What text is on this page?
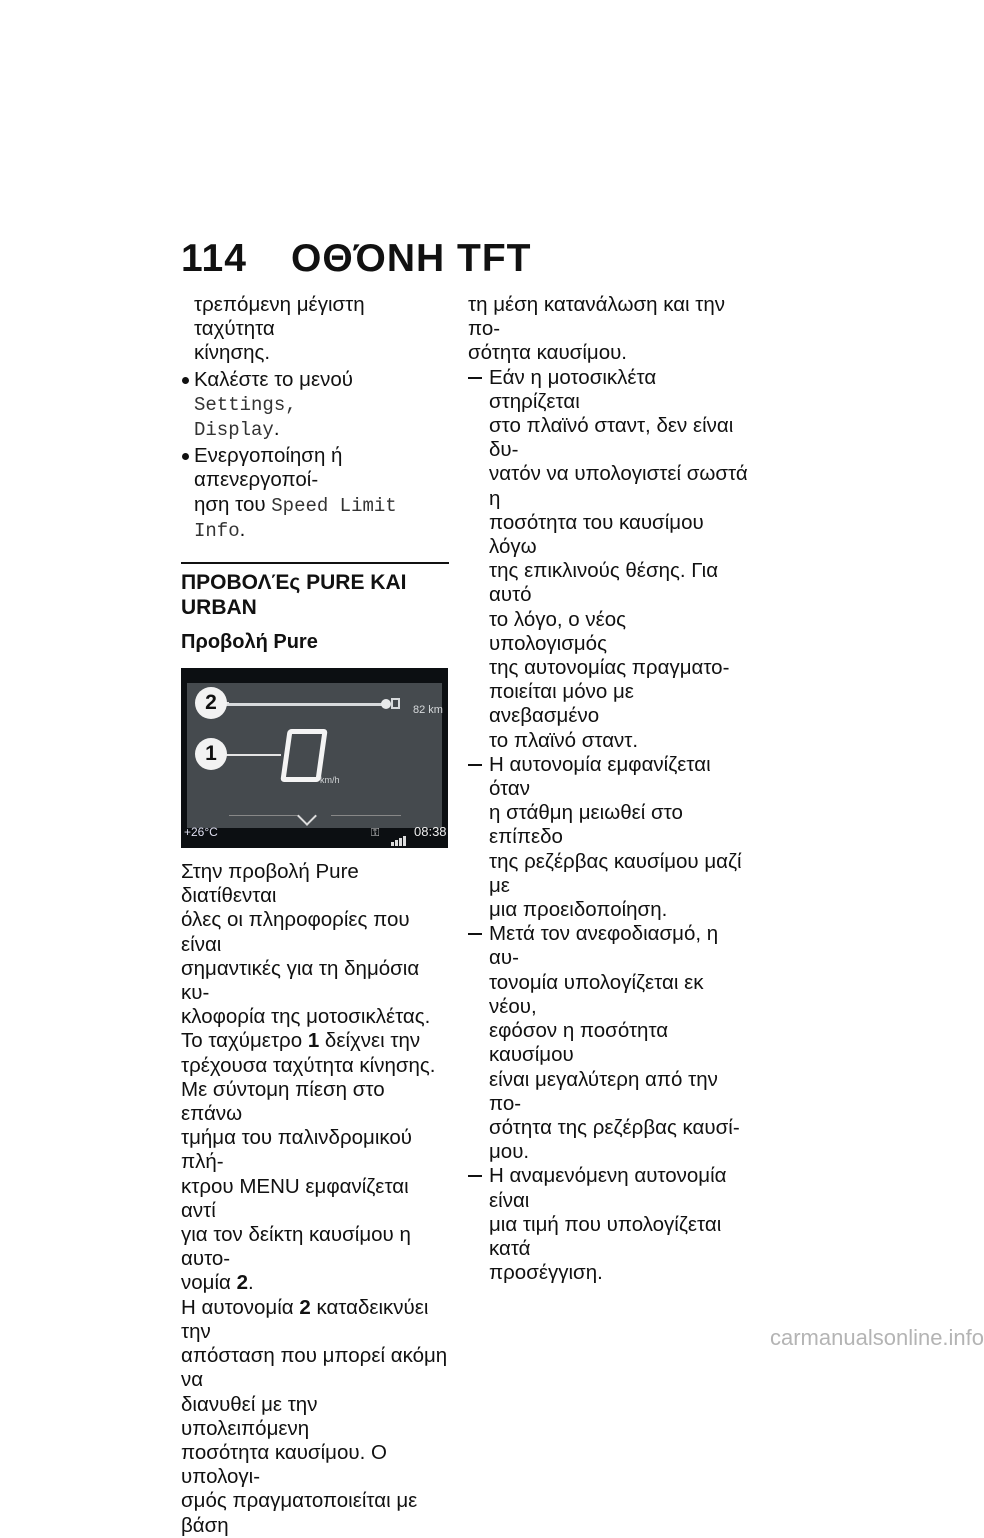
114 ΟΘΌΝΗ TFT

τρεπόμενη μέγιστη ταχύτητα

κίνησης.

Καλέστε το μενού Settings,
Display.
Ενεργοποίηση ή απενεργοποί-
ηση του Speed Limit Info.

ΠΡΟΒΟΛΈς PURE ΚΑΙ
URBAN

Προβολή Pure

82 km
2
1
km/h
+26°C	⚿	08:38

Στην προβολή Pure διατίθενται

όλες οι πληροφορίες που είναι

σημαντικές για τη δημόσια κυ-

κλοφορία της μοτοσικλέτας.

Το ταχύμετρο 1 δείχνει την

τρέχουσα ταχύτητα κίνησης.

Με σύντομη πίεση στο επάνω

τμήμα του παλινδρομικού πλή-

κτρου MENU εμφανίζεται αντί

για τον δείκτη καυσίμου η αυτο-

νομία 2.

Η αυτονομία 2 καταδεικνύει την

απόσταση που μπορεί ακόμη να

διανυθεί με την υπολειπόμενη

ποσότητα καυσίμου. Ο υπολογι-

σμός πραγματοποιείται με βάση

τη μέση κατανάλωση και την πο-

σότητα καυσίμου.

Εάν η μοτοσικλέτα στηρίζεται

στο πλαϊνό σταντ, δεν είναι δυ-

νατόν να υπολογιστεί σωστά η

ποσότητα του καυσίμου λόγω

της επικλινούς θέσης. Για αυτό

το λόγο, ο νέος υπολογισμός

της αυτονομίας πραγματο-

ποιείται μόνο με ανεβασμένο

το πλαϊνό σταντ.

Η αυτονομία εμφανίζεται όταν

η στάθμη μειωθεί στο επίπεδο

της ρεζέρβας καυσίμου μαζί με

μια προειδοποίηση.

Μετά τον ανεφοδιασμό, η αυ-

τονομία υπολογίζεται εκ νέου,

εφόσον η ποσότητα καυσίμου

είναι μεγαλύτερη από την πο-

σότητα της ρεζέρβας καυσί-

μου.

Η αναμενόμενη αυτονομία είναι

μια τιμή που υπολογίζεται κατά

προσέγγιση.

carmanualsonline.info
